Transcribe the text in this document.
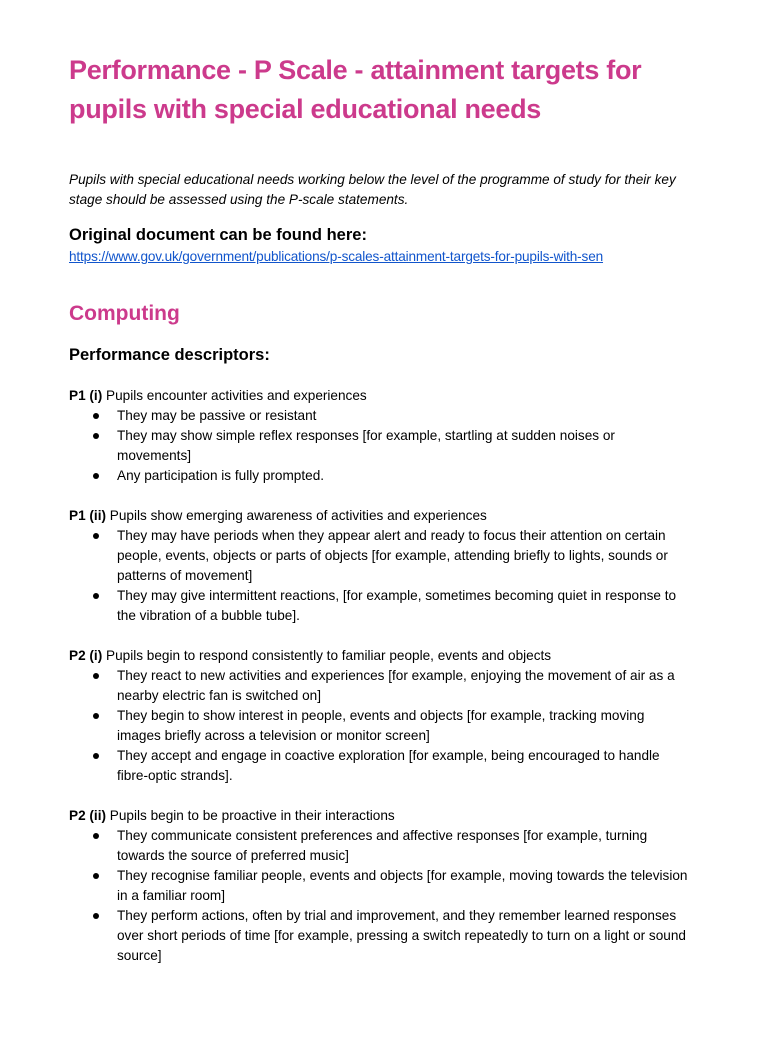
Performance - P Scale - attainment targets for pupils with special educational needs

Pupils with special educational needs working below the level of the programme of study for their key stage should be assessed using the P-scale statements.

Original document can be found here:
https://www.gov.uk/government/publications/p-scales-attainment-targets-for-pupils-with-sen
Computing
Performance descriptors:

P1 (i) Pupils encounter activities and experiences

They may be passive or resistant
They may show simple reflex responses [for example, startling at sudden noises or movements]
Any participation is fully prompted.

P1 (ii) Pupils show emerging awareness of activities and experiences

They may have periods when they appear alert and ready to focus their attention on certain people, events, objects or parts of objects [for example, attending briefly to lights, sounds or patterns of movement]
They may give intermittent reactions, [for example, sometimes becoming quiet in response to the vibration of a bubble tube].

P2 (i) Pupils begin to respond consistently to familiar people, events and objects

They react to new activities and experiences [for example, enjoying the movement of air as a nearby electric fan is switched on]
They begin to show interest in people, events and objects [for example, tracking moving images briefly across a television or monitor screen]
They accept and engage in coactive exploration [for example, being encouraged to handle fibre-optic strands].

P2 (ii) Pupils begin to be proactive in their interactions

They communicate consistent preferences and affective responses [for example, turning towards the source of preferred music]
They recognise familiar people, events and objects [for example, moving towards the television in a familiar room]
They perform actions, often by trial and improvement, and they remember learned responses over short periods of time [for example, pressing a switch repeatedly to turn on a light or sound source]
